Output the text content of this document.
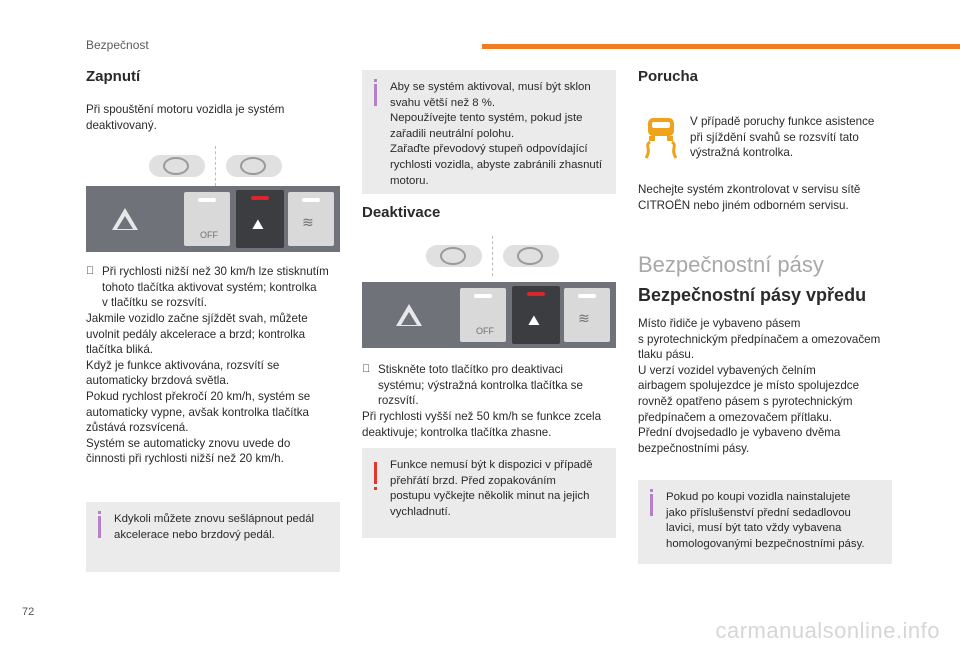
Bezpečnost
Zapnutí

Při spouštění motoru vozidla je systém

deaktivovaný.

OFF
⛰	≋

Při rychlosti nižší než 30 km/h lze stisknutím

tohoto tlačítka aktivovat systém; kontrolka

v tlačítku se rozsvítí.

Jakmile vozidlo začne sjíždět svah, můžete

uvolnit pedály akcelerace a brzd; kontrolka

tlačítka bliká.

Když je funkce aktivována, rozsvítí se

automaticky brzdová světla.

Pokud rychlost překročí 20 km/h, systém se

automaticky vypne, avšak kontrolka tlačítka

zůstává rozsvícená.

Systém se automaticky znovu uvede do

činnosti při rychlosti nižší než 20 km/h.

Kdykoli můžete znovu sešlápnout pedál

akcelerace nebo brzdový pedál.

Aby se systém aktivoval, musí být sklon

svahu větší než 8 %.

Nepoužívejte tento systém, pokud jste

zařadili neutrální polohu.

Zařaďte převodový stupeň odpovídající

rychlosti vozidla, abyste zabránili zhasnutí

motoru.

Deaktivace
OFF
⛰	≋

Stiskněte toto tlačítko pro deaktivaci

systému; výstražná kontrolka tlačítka se

rozsvítí.

Při rychlosti vyšší než 50 km/h se funkce zcela

deaktivuje; kontrolka tlačítka zhasne.

Funkce nemusí být k dispozici v případě

přehřátí brzd. Před zopakováním

postupu vyčkejte několik minut na jejich

vychladnutí.

Porucha

V případě poruchy funkce asistence

při sjíždění svahů se rozsvítí tato

výstražná kontrolka.

Nechejte systém zkontrolovat v servisu sítě

CITROËN nebo jiném odborném servisu.

Bezpečnostní pásy
Bezpečnostní pásy vpředu

Místo řidiče je vybaveno pásem

s pyrotechnickým předpínačem a omezovačem

tlaku pásu.

U verzí vozidel vybavených čelním

airbagem spolujezdce je místo spolujezdce

rovněž opatřeno pásem s pyrotechnickým

předpínačem a omezovačem přítlaku.

Přední dvojsedadlo je vybaveno dvěma

bezpečnostními pásy.

Pokud po koupi vozidla nainstalujete

jako příslušenství přední sedadlovou

lavici, musí být tato vždy vybavena

homologovanými bezpečnostními pásy.

72
carmanualsonline.info
